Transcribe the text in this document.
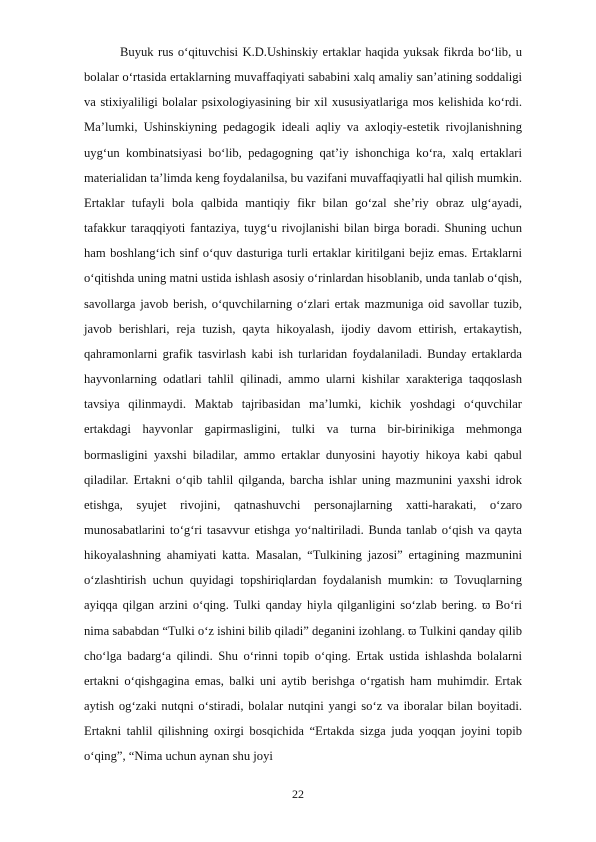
Buyuk rus o‘qituvchisi K.D.Ushinskiy ertaklar haqida yuksak fikrda bo‘lib, u bolalar o‘rtasida ertaklarning muvaffaqiyati sababini xalq amaliy san’atining soddaligi va stixiyaliligi bolalar psixologiyasining bir xil xususiyatlariga mos kelishida ko‘rdi. Ma’lumki, Ushinskiyning pedagogik ideali aqliy va axloqiy-estetik rivojlanishning uyg‘un kombinatsiyasi bo‘lib, pedagogning qat’iy ishonchiga ko‘ra, xalq ertaklari materialidan ta’limda keng foydalanilsa, bu vazifani muvaffaqiyatli hal qilish mumkin. Ertaklar tufayli bola qalbida mantiqiy fikr bilan go‘zal she’riy obraz ulg‘ayadi, tafakkur taraqqiyoti fantaziya, tuyg‘u rivojlanishi bilan birga boradi. Shuning uchun ham boshlang‘ich sinf o‘quv dasturiga turli ertaklar kiritilgani bejiz emas. Ertaklarni o‘qitishda uning matni ustida ishlash asosiy o‘rinlardan hisoblanib, unda tanlab o‘qish, savollarga javob berish, o‘quvchilarning o‘zlari ertak mazmuniga oid savollar tuzib, javob berishlari, reja tuzish, qayta hikoyalash, ijodiy davom ettirish, ertakaytish, qahramonlarni grafik tasvirlash kabi ish turlaridan foydalaniladi. Bunday ertaklarda hayvonlarning odatlari tahlil qilinadi, ammo ularni kishilar xarakteriga taqqoslash tavsiya qilinmaydi. Maktab tajribasidan ma’lumki, kichik yoshdagi o‘quvchilar ertakdagi hayvonlar gapirmasligini, tulki va turna bir-birinikiga mehmonga bormasligini yaxshi biladilar, ammo ertaklar dunyosini hayotiy hikoya kabi qabul qiladilar. Ertakni o‘qib tahlil qilganda, barcha ishlar uning mazmunini yaxshi idrok etishga, syujet rivojini, qatnashuvchi personajlarning xatti-harakati, o‘zaro munosabatlarini to‘g‘ri tasavvur etishga yo‘naltiriladi. Bunda tanlab o‘qish va qayta hikoyalashning ahamiyati katta. Masalan, “Tulkining jazosi” ertagining mazmunini o‘zlashtirish uchun quyidagi topshiriqlardan foydalanish mumkin: ϖ Tovuqlarning ayiqqa qilgan arzini o‘qing. Tulki qanday hiyla qilganligini so‘zlab bering. ϖ Bo‘ri nima sababdan “Tulki o‘z ishini bilib qiladi” deganini izohlang. ϖ Tulkini qanday qilib cho‘lga badarg‘a qilindi. Shu o‘rinni topib o‘qing. Ertak ustida ishlashda bolalarni ertakni o‘qishgagina emas, balki uni aytib berishga o‘rgatish ham muhimdir. Ertak aytish og‘zaki nutqni o‘stiradi, bolalar nutqini yangi so‘z va iboralar bilan boyitadi. Ertakni tahlil qilishning oxirgi bosqichida “Ertakda sizga juda yoqqan joyini topib o‘qing”, “Nima uchun aynan shu joyi

22
